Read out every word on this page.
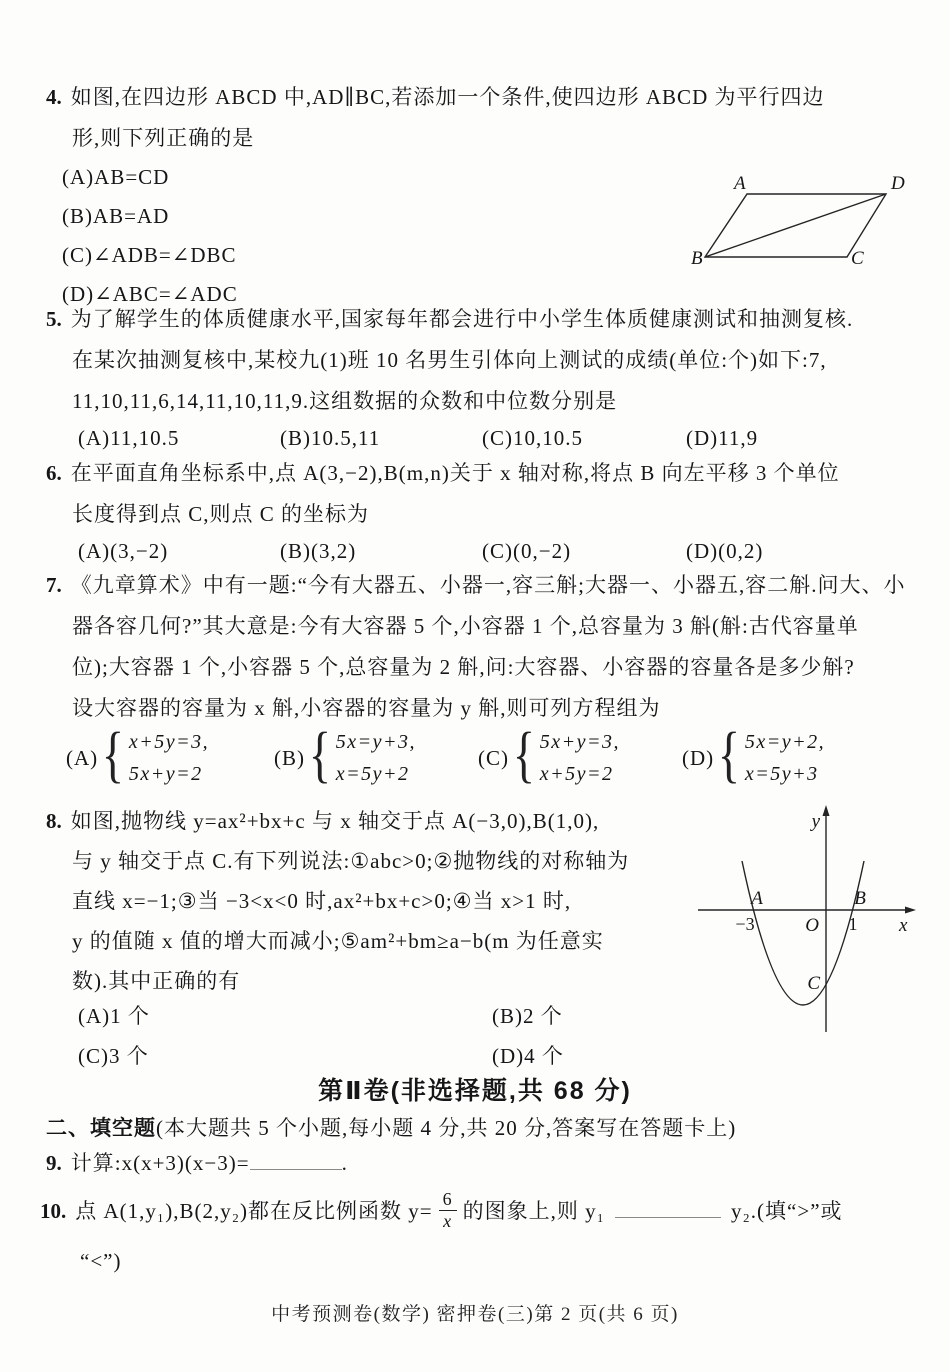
4. 如图,在四边形 ABCD 中,AD∥BC,若添加一个条件,使四边形 ABCD 为平行四边
形,则下列正确的是
(A)AB=CD
(B)AB=AD
(C)∠ADB=∠DBC
(D)∠ABC=∠ADC
A	D
B	C
5. 为了解学生的体质健康水平,国家每年都会进行中小学生体质健康测试和抽测复核.
在某次抽测复核中,某校九(1)班 10 名男生引体向上测试的成绩(单位:个)如下:7,
11,10,11,6,14,11,10,11,9.这组数据的众数和中位数分别是
(A)11,10.5	(B)10.5,11	(C)10,10.5	(D)11,9
6. 在平面直角坐标系中,点 A(3,−2),B(m,n)关于 x 轴对称,将点 B 向左平移 3 个单位
长度得到点 C,则点 C 的坐标为
(A)(3,−2)	(B)(3,2)	(C)(0,−2)	(D)(0,2)
7. 《九章算术》中有一题:“今有大器五、小器一,容三斛;大器一、小器五,容二斛.问大、小
器各容几何?”其大意是:今有大容器 5 个,小容器 1 个,总容量为 3 斛(斛:古代容量单
位);大容器 1 个,小容器 5 个,总容量为 2 斛,问:大容器、小容器的容量各是多少斛?
设大容器的容量为 x 斛,小容器的容量为 y 斛,则可列方程组为
(A) { x+5y=3,
5x+y=2
(B) { 5x=y+3,
x=5y+2
(C) { 5x+y=3,
x+5y=2
(D) { 5x=y+2,
x=5y+3
8. 如图,抛物线 y=ax²+bx+c 与 x 轴交于点 A(−3,0),B(1,0),
与 y 轴交于点 C.有下列说法:①abc>0;②抛物线的对称轴为
直线 x=−1;③当 −3<x<0 时,ax²+bx+c>0;④当 x>1 时,
y 的值随 x 值的增大而减小;⑤am²+bm≥a−b(m 为任意实
数).其中正确的有
(A)1 个	(B)2 个
(C)3 个	(D)4 个
y
x
O
A	B
−3	1
C
第Ⅱ卷(非选择题,共 68 分)
二、填空题(本大题共 5 个小题,每小题 4 分,共 20 分,答案写在答题卡上)
9. 计算:x(x+3)(x−3)=	.
10. 点 A(1,y₁),B(2,y₂)都在反比例函数 $y= \frac{6}{x}$ 的图象上,则 y₁	y₂.(填“>”或
“<”)
中考预测卷(数学) 密押卷(三)第 2 页(共 6 页)
